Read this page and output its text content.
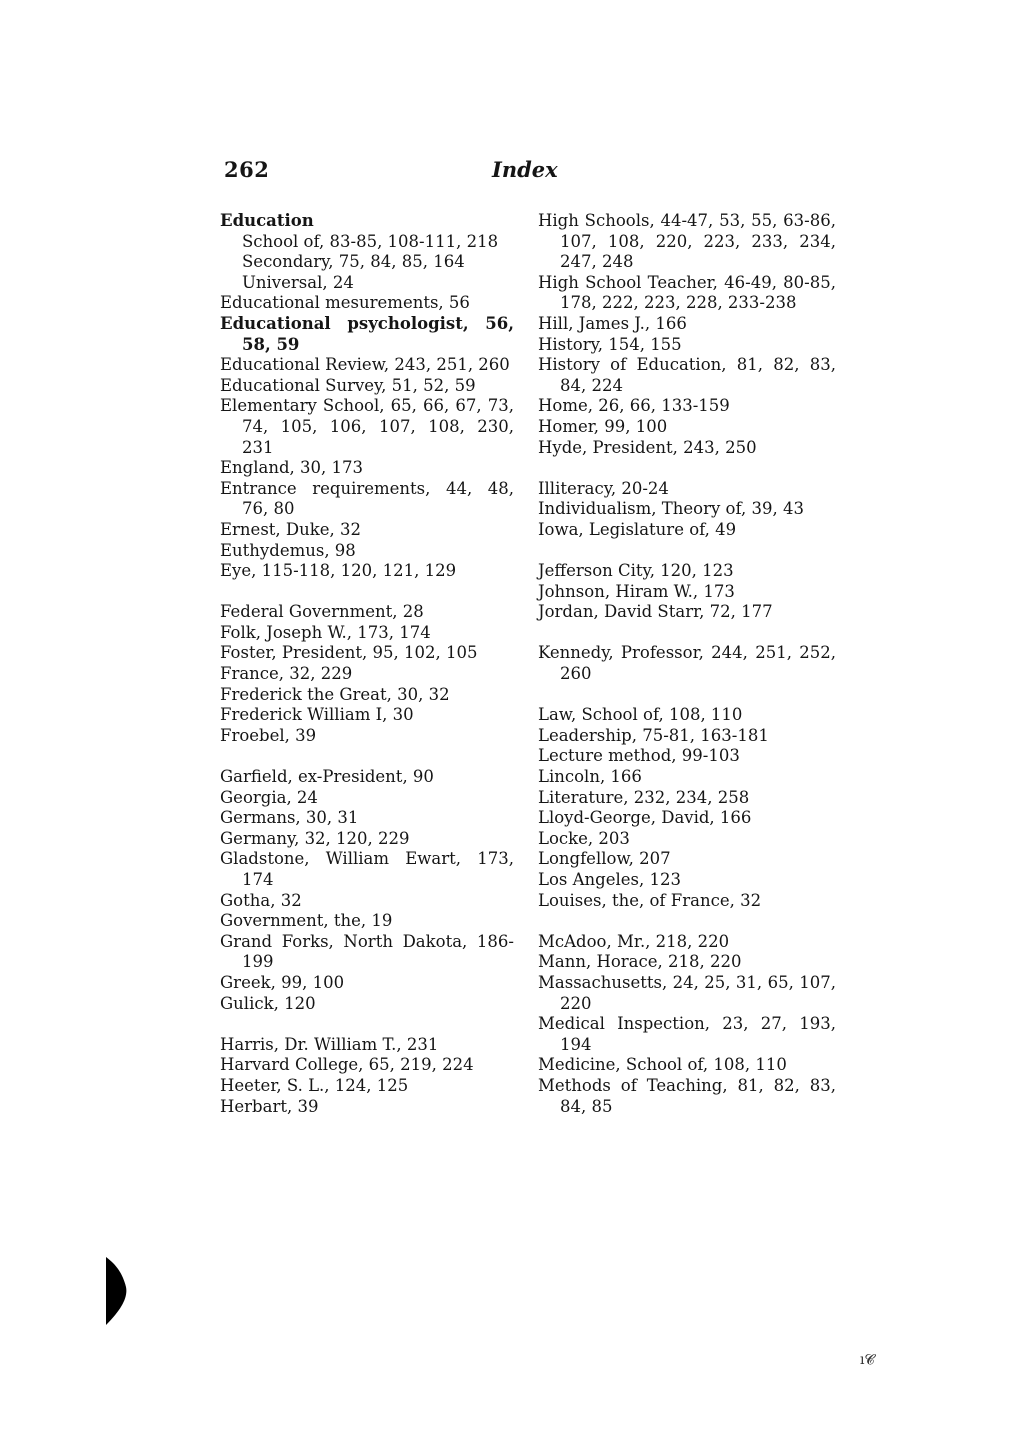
262	Index
Education
School of, 83-85, 108-111, 218
Secondary, 75, 84, 85, 164
Universal, 24
Educational mesurements, 56
Educational psychologist, 56, 58, 59
Educational Review, 243, 251, 260
Educational Survey, 51, 52, 59
Elementary School, 65, 66, 67, 73, 74, 105, 106, 107, 108, 230, 231
England, 30, 173
Entrance requirements, 44, 48, 76, 80
Ernest, Duke, 32
Euthydemus, 98
Eye, 115-118, 120, 121, 129
Federal Government, 28
Folk, Joseph W., 173, 174
Foster, President, 95, 102, 105
France, 32, 229
Frederick the Great, 30, 32
Frederick William I, 30
Froebel, 39
Garfield, ex-President, 90
Georgia, 24
Germans, 30, 31
Germany, 32, 120, 229
Gladstone, William Ewart, 173, 174
Gotha, 32
Government, the, 19
Grand Forks, North Dakota, 186-199
Greek, 99, 100
Gulick, 120
Harris, Dr. William T., 231
Harvard College, 65, 219, 224
Heeter, S. L., 124, 125
Herbart, 39
High Schools, 44-47, 53, 55, 63-86, 107, 108, 220, 223, 233, 234, 247, 248
High School Teacher, 46-49, 80-85, 178, 222, 223, 228, 233-238
Hill, James J., 166
History, 154, 155
History of Education, 81, 82, 83, 84, 224
Home, 26, 66, 133-159
Homer, 99, 100
Hyde, President, 243, 250
Illiteracy, 20-24
Individualism, Theory of, 39, 43
Iowa, Legislature of, 49
Jefferson City, 120, 123
Johnson, Hiram W., 173
Jordan, David Starr, 72, 177
Kennedy, Professor, 244, 251, 252, 260
Law, School of, 108, 110
Leadership, 75-81, 163-181
Lecture method, 99-103
Lincoln, 166
Literature, 232, 234, 258
Lloyd-George, David, 166
Locke, 203
Longfellow, 207
Los Angeles, 123
Louises, the, of France, 32
McAdoo, Mr., 218, 220
Mann, Horace, 218, 220
Massachusetts, 24, 25, 31, 65, 107, 220
Medical Inspection, 23, 27, 193, 194
Medicine, School of, 108, 110
Methods of Teaching, 81, 82, 83, 84, 85
ı𝓒
